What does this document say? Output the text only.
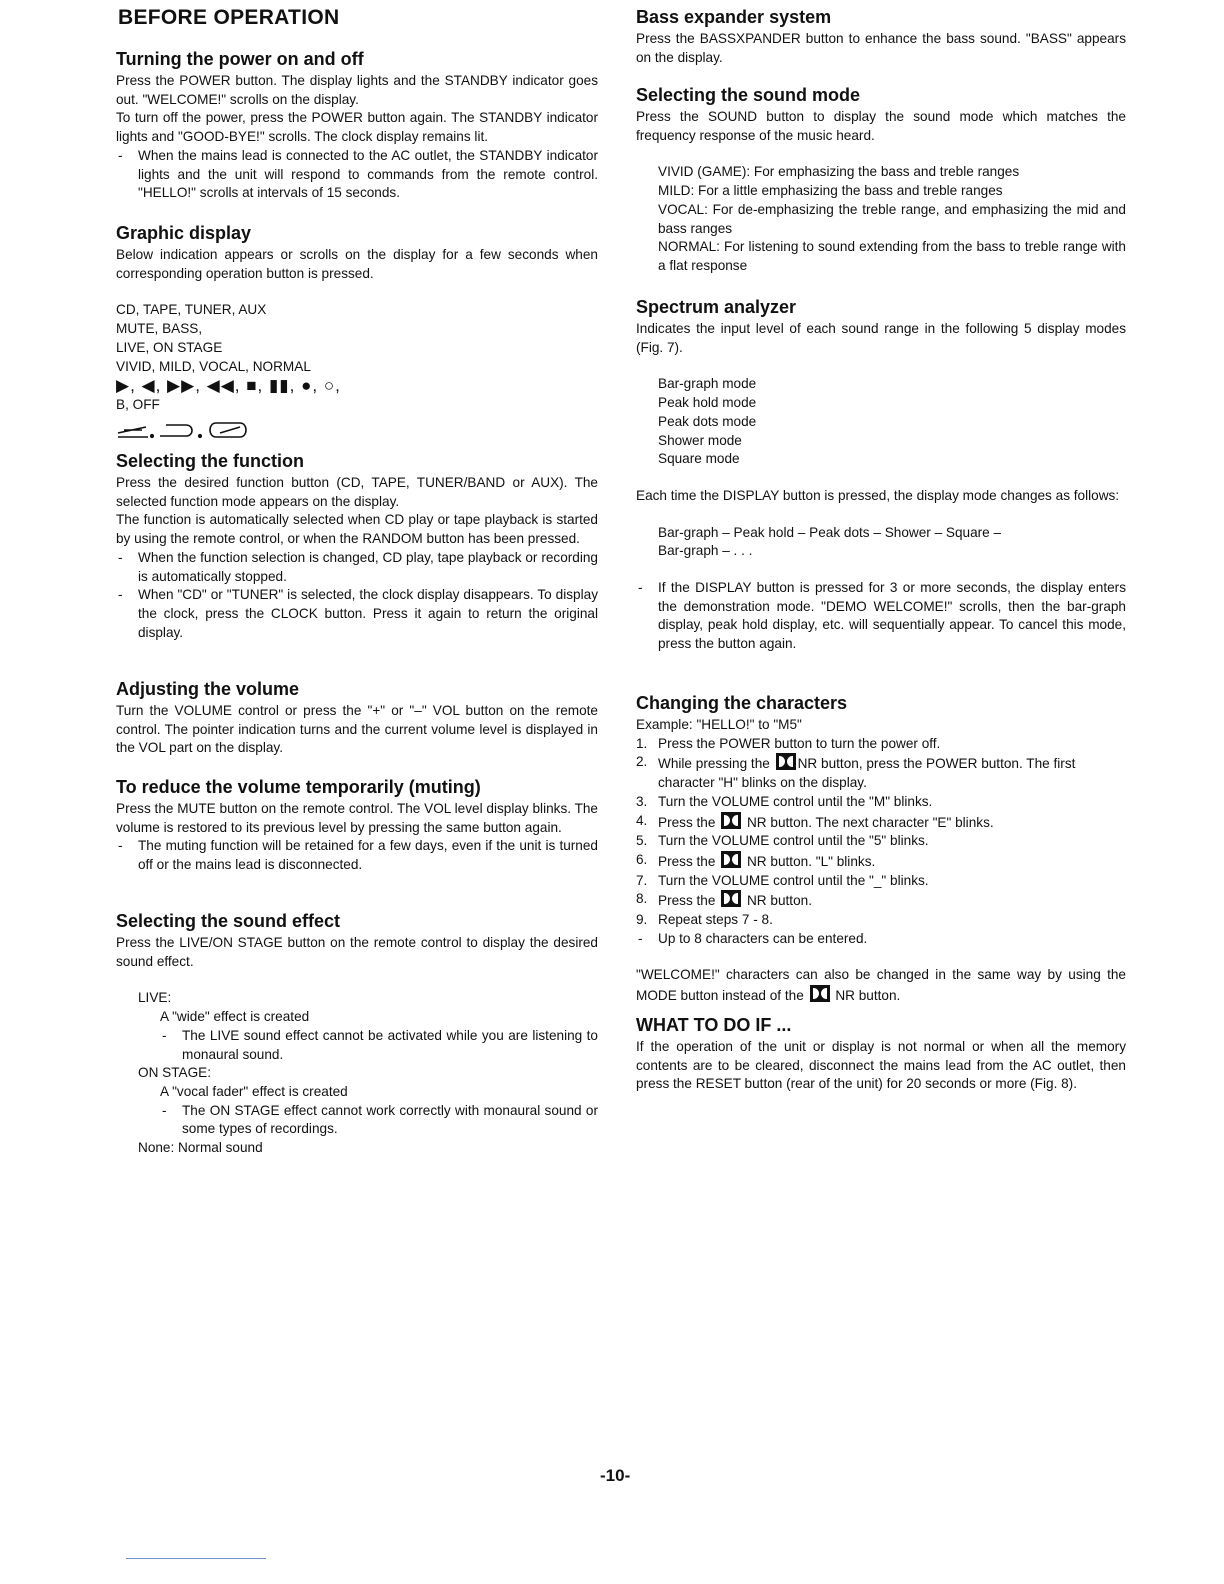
BEFORE OPERATION
Turning the power on and off

Press the POWER button. The display lights and the STANDBY indicator goes out. "WELCOME!" scrolls on the display.

To turn off the power, press the POWER button again. The STANDBY indicator lights and "GOOD-BYE!" scrolls. The clock display remains lit.

- When the mains lead is connected to the AC outlet, the STANDBY indicator lights and the unit will respond to commands from the remote control. "HELLO!" scrolls at intervals of 15 seconds.
Graphic display

Below indication appears or scrolls on the display for a few seconds when corresponding operation button is pressed.

CD, TAPE, TUNER, AUX
MUTE, BASS,
LIVE, ON STAGE
VIVID, MILD, VOCAL, NORMAL
▶, ◀, ▶▶, ◀◀, ■, ▮▮, ●, ○,
B, OFF
Selecting the function

Press the desired function button (CD, TAPE, TUNER/BAND or AUX). The selected function mode appears on the display.

The function is automatically selected when CD play or tape playback is started by using the remote control, or when the RANDOM button has been pressed.

- When the function selection is changed, CD play, tape playback or recording is automatically stopped.
- When "CD" or "TUNER" is selected, the clock display disappears. To display the clock, press the CLOCK button. Press it again to return the original display.
Adjusting the volume

Turn the VOLUME control or press the "+" or "–" VOL button on the remote control. The pointer indication turns and the current volume level is displayed in the VOL part on the display.

To reduce the volume temporarily (muting)

Press the MUTE button on the remote control. The VOL level display blinks. The volume is restored to its previous level by pressing the same button again.

- The muting function will be retained for a few days, even if the unit is turned off or the mains lead is disconnected.
Selecting the sound effect

Press the LIVE/ON STAGE button on the remote control to display the desired sound effect.

LIVE:
A "wide" effect is created
- The LIVE sound effect cannot be activated while you are listening to monaural sound.
ON STAGE:
A "vocal fader" effect is created
- The ON STAGE effect cannot work correctly with monaural sound or some types of recordings.
None: Normal sound
Bass expander system

Press the BASSXPANDER button to enhance the bass sound. "BASS" appears on the display.

Selecting the sound mode

Press the SOUND button to display the sound mode which matches the frequency response of the music heard.

VIVID (GAME): For emphasizing the bass and treble ranges
MILD: For a little emphasizing the bass and treble ranges
VOCAL: For de-emphasizing the treble range, and emphasizing the mid and bass ranges
NORMAL: For listening to sound extending from the bass to treble range with a flat response
Spectrum analyzer

Indicates the input level of each sound range in the following 5 display modes (Fig. 7).

Bar-graph mode
Peak hold mode
Peak dots mode
Shower mode
Square mode

Each time the DISPLAY button is pressed, the display mode changes as follows:

Bar-graph – Peak hold – Peak dots – Shower – Square –
Bar-graph – . . .
- If the DISPLAY button is pressed for 3 or more seconds, the display enters the demonstration mode. "DEMO WELCOME!" scrolls, then the bar-graph display, peak hold display, etc. will sequentially appear. To cancel this mode, press the button again.
Changing the characters
Example: "HELLO!" to "M5"
1. Press the POWER button to turn the power off.
2. While pressing the NR button, press the POWER button. The first character "H" blinks on the display.
3. Turn the VOLUME control until the "M" blinks.
4. Press the NR button. The next character "E" blinks.
5. Turn the VOLUME control until the "5" blinks.
6. Press the NR button. "L" blinks.
7. Turn the VOLUME control until the "_" blinks.
8. Press the NR button.
9. Repeat steps 7 - 8.
- Up to 8 characters can be entered.

"WELCOME!" characters can also be changed in the same way by using the MODE button instead of the NR button.

WHAT TO DO IF ...

If the operation of the unit or display is not normal or when all the memory contents are to be cleared, disconnect the mains lead from the AC outlet, then press the RESET button (rear of the unit) for 20 seconds or more (Fig. 8).

-10-
